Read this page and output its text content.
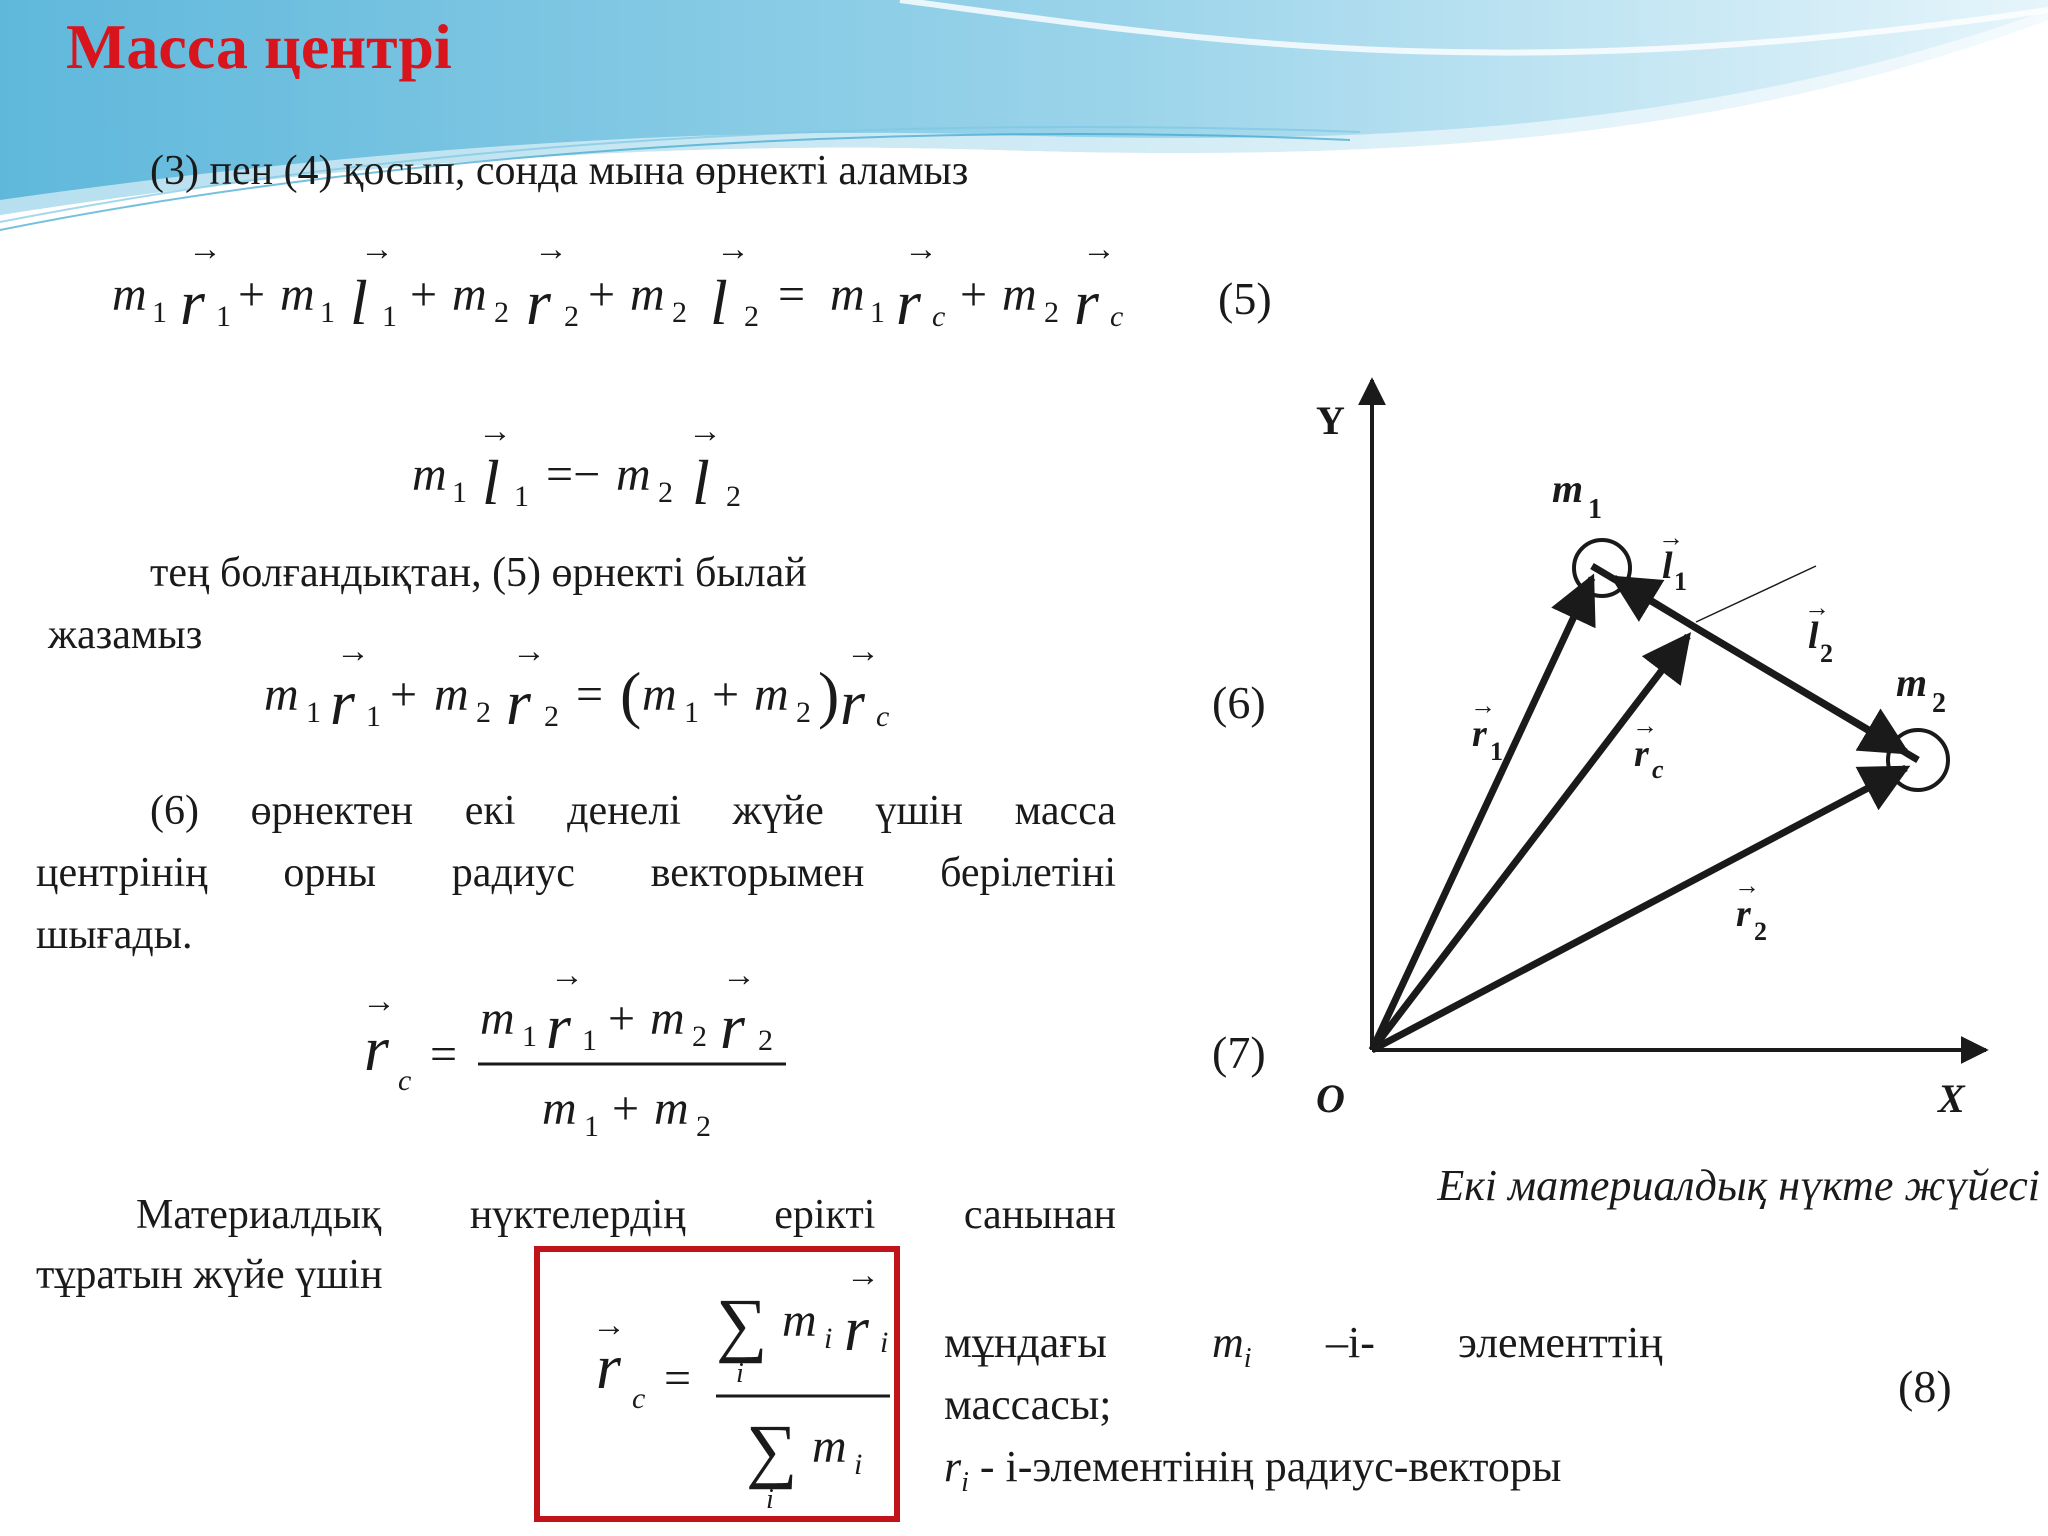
Масса центрі
(3) пен (4) қосып, сонда мына өрнекті аламыз
m 1 r 1
→
+ m 1 l 1
→
+ m 2 r 2
→
+ m 2 l 2
→
= m 1 r c
→
+ m 2 r c
→
(5)
m 1 l 1
→
=− m 2 l 2
→
тең болғандықтан, (5) өрнекті былай
жазамыз
m 1 r 1
→
+ m 2 r 2
→
= ( m 1 + m 2 ) r c
→
(6)
(6) өрнектен екі денелі жүйе үшін масса
центрінің орны радиус векторымен берілетіні
шығады.
r c
→
=
m 1 r 1
→
+ m 2 r 2
→
m 1 + m 2
(7)
Y
X
O
m 1
m 2
l 1
→
l 2
→
r 1
→
r c
→
r 2
→
Екі материалдық нүкте жүйесі
Материалдық нүктелердің ерікті санынан
тұратын жүйе үшін
r c
→
=
∑
i
m i r i
→
∑
i
m i
мұндағы $m_i$ –i- элементтің
массасы;
$r_i$ - i-элементінің радиус-векторы
(8)
